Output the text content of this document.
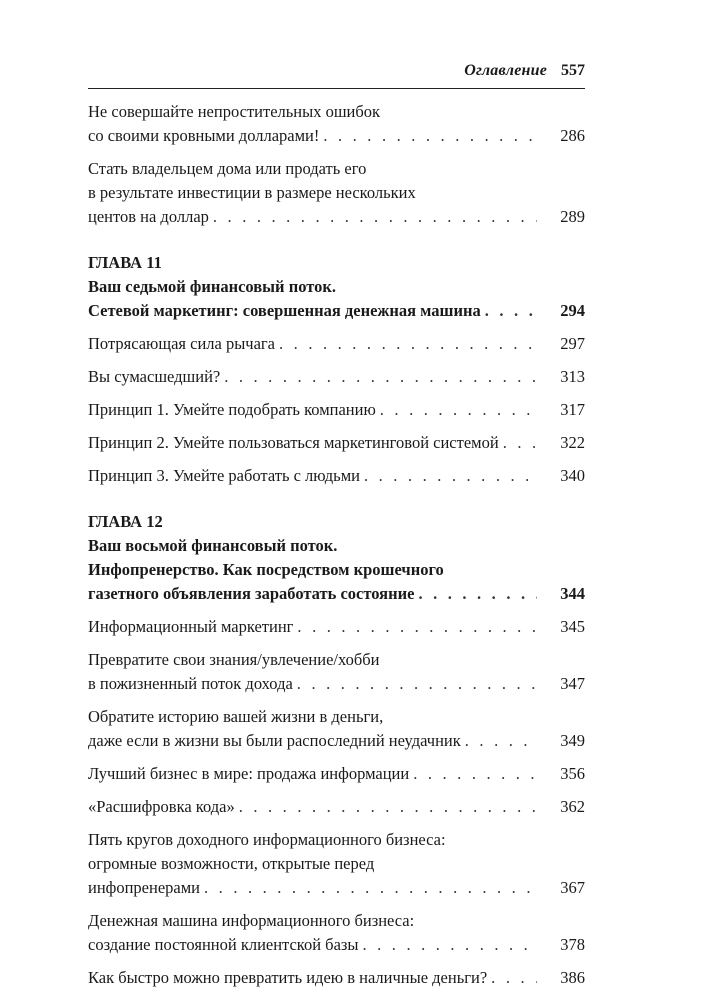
Оглавление 557
Не совершайте непростительных ошибок
со своими кровными долларами! . . .	286
Стать владельцем дома или продать его
в результате инвестиции в размере нескольких
центов на доллар . . .	289
ГЛАВА 11
Ваш седьмой финансовый поток.
Сетевой маркетинг: совершенная денежная машина . . .	294
Потрясающая сила рычага . . .	297
Вы сумасшедший? . . .	313
Принцип 1. Умейте подобрать компанию . . .	317
Принцип 2. Умейте пользоваться маркетинговой системой . . .	322
Принцип 3. Умейте работать с людьми . . .	340
ГЛАВА 12
Ваш восьмой финансовый поток.
Инфопренерство. Как посредством крошечного
газетного объявления заработать состояние . . .	344
Информационный маркетинг . . .	345
Превратите свои знания/увлечение/хобби
в пожизненный поток дохода . . .	347
Обратите историю вашей жизни в деньги,
даже если в жизни вы были распоследний неудачник . . .	349
Лучший бизнес в мире: продажа информации . . .	356
«Расшифровка кода» . . .	362
Пять кругов доходного информационного бизнеса:
огромные возможности, открытые перед
инфопренерами . . .	367
Денежная машина информационного бизнеса:
создание постоянной клиентской базы . . .	378
Как быстро можно превратить идею в наличные деньги? . . .	386
